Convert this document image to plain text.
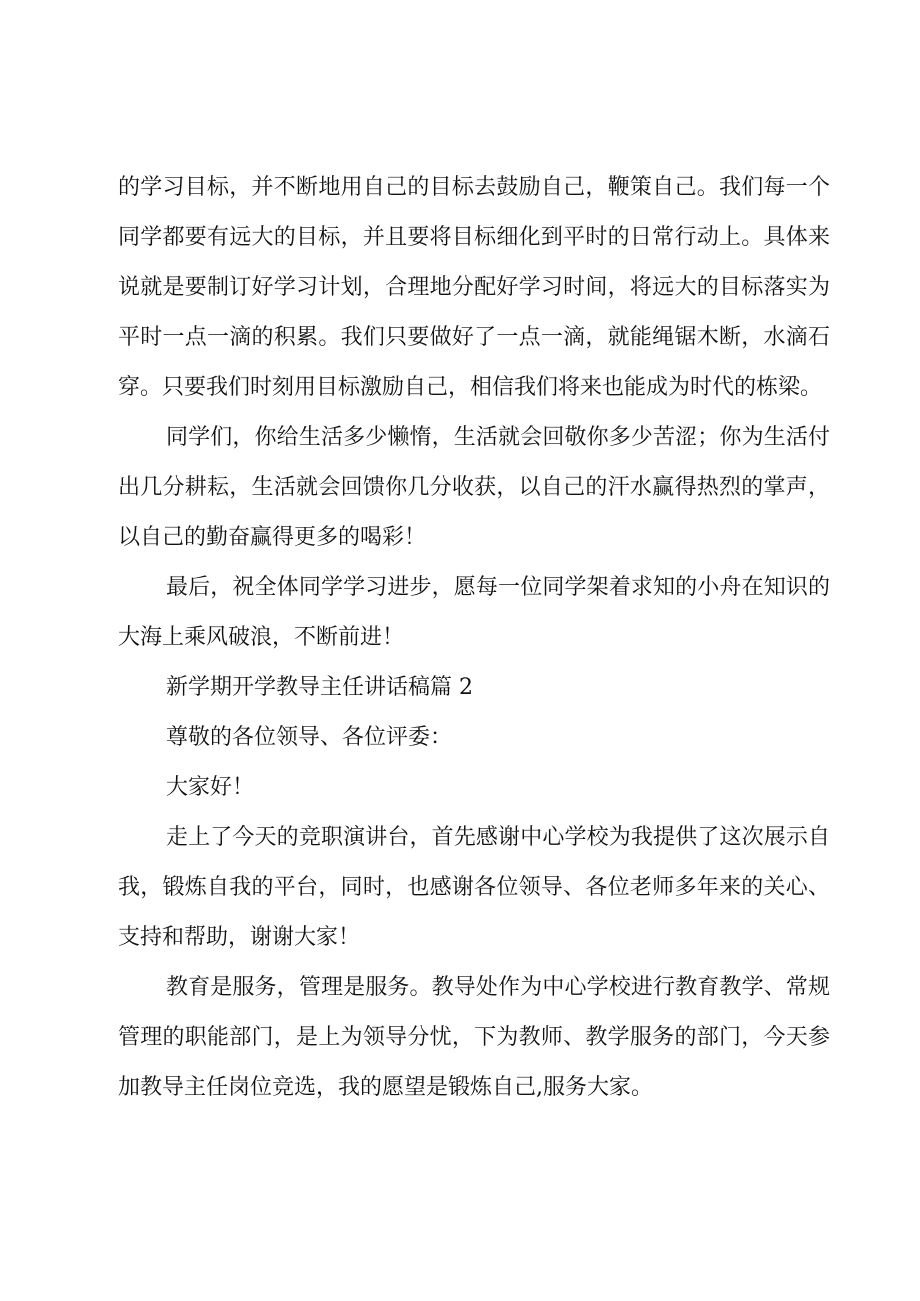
的学习目标，并不断地用自己的目标去鼓励自己，鞭策自己。我们每一个同学都要有远大的目标，并且要将目标细化到平时的日常行动上。具体来说就是要制订好学习计划，合理地分配好学习时间，将远大的目标落实为平时一点一滴的积累。我们只要做好了一点一滴，就能绳锯木断，水滴石穿。只要我们时刻用目标激励自己，相信我们将来也能成为时代的栋梁。

同学们，你给生活多少懒惰，生活就会回敬你多少苦涩；你为生活付出几分耕耘，生活就会回馈你几分收获，以自己的汗水赢得热烈的掌声，以自己的勤奋赢得更多的喝彩！

最后，祝全体同学学习进步，愿每一位同学架着求知的小舟在知识的大海上乘风破浪，不断前进！

新学期开学教导主任讲话稿篇 2

尊敬的各位领导、各位评委：

大家好！

走上了今天的竞职演讲台，首先感谢中心学校为我提供了这次展示自我，锻炼自我的平台，同时，也感谢各位领导、各位老师多年来的关心、支持和帮助，谢谢大家！

教育是服务，管理是服务。教导处作为中心学校进行教育教学、常规管理的职能部门，是上为领导分忧，下为教师、教学服务的部门，今天参加教导主任岗位竞选，我的愿望是锻炼自己,服务大家。
